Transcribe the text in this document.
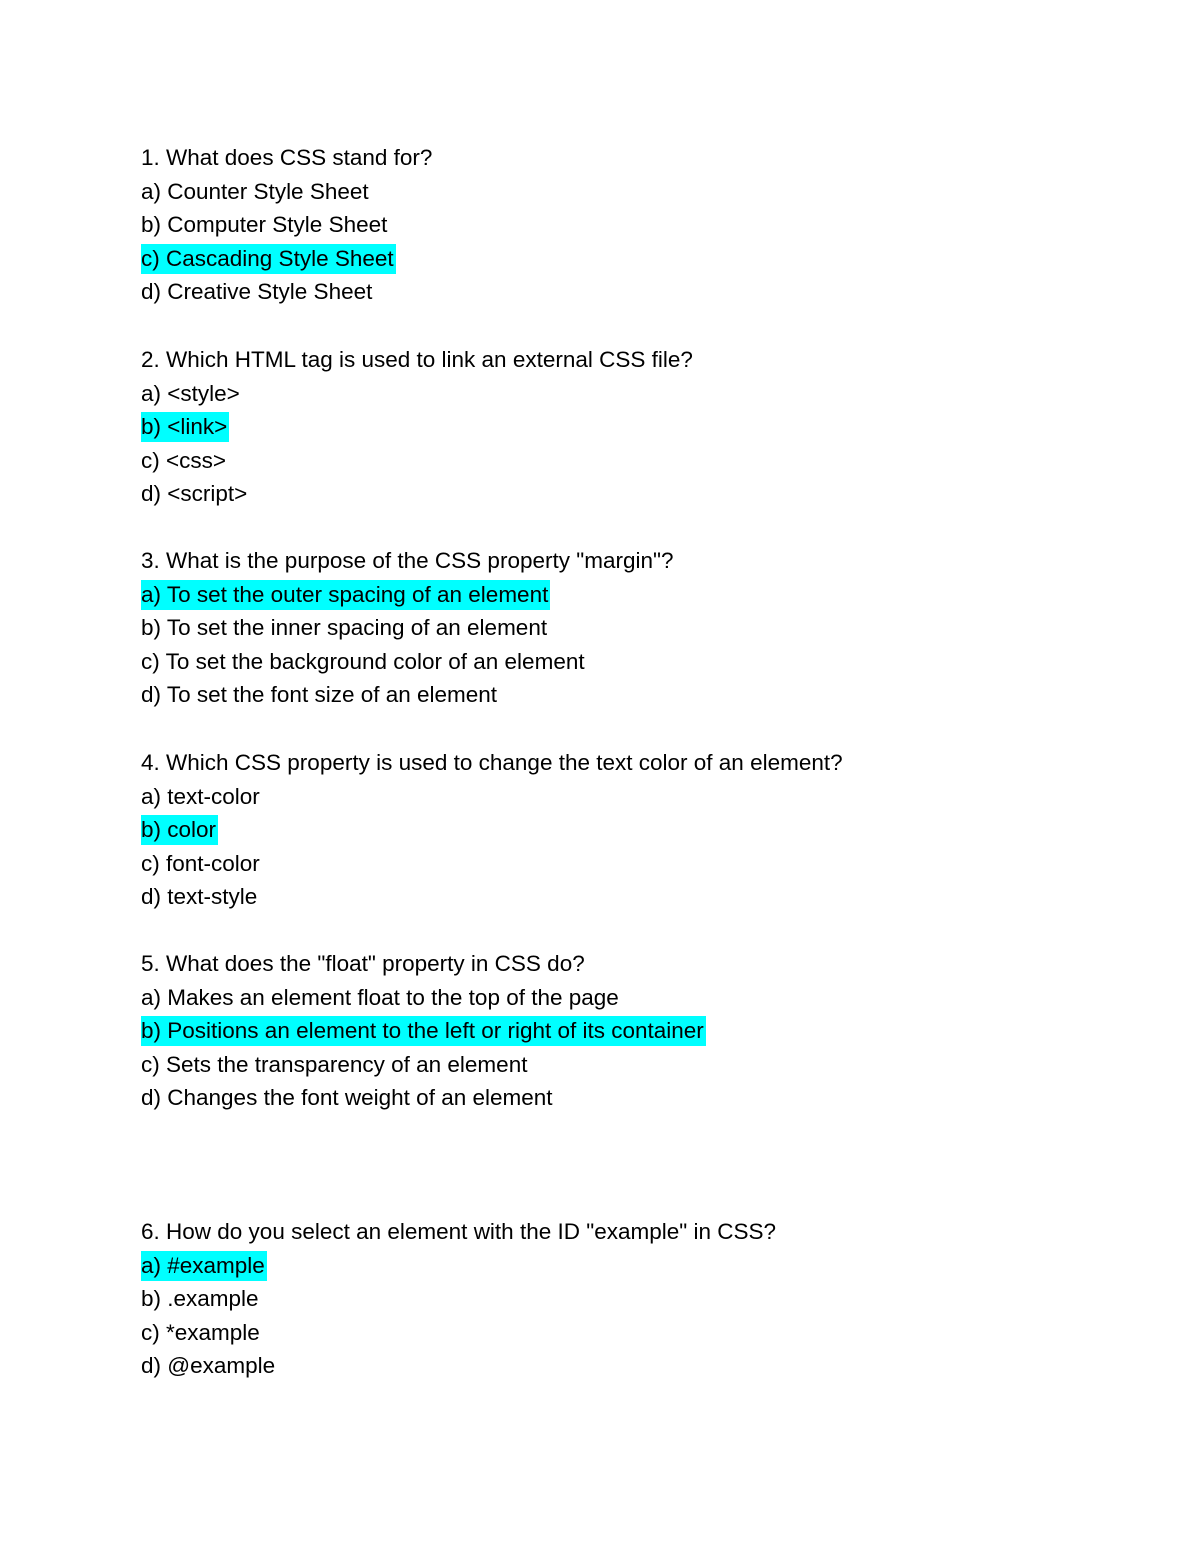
1. What does CSS stand for?
a) Counter Style Sheet
b) Computer Style Sheet
c) Cascading Style Sheet
d) Creative Style Sheet
2. Which HTML tag is used to link an external CSS file?
a) <style>
b) <link>
c) <css>
d) <script>
3. What is the purpose of the CSS property "margin"?
a) To set the outer spacing of an element
b) To set the inner spacing of an element
c) To set the background color of an element
d) To set the font size of an element
4. Which CSS property is used to change the text color of an element?
a) text-color
b) color
c) font-color
d) text-style
5. What does the "float" property in CSS do?
a) Makes an element float to the top of the page
b) Positions an element to the left or right of its container
c) Sets the transparency of an element
d) Changes the font weight of an element
6. How do you select an element with the ID "example" in CSS?
a) #example
b) .example
c) *example
d) @example
